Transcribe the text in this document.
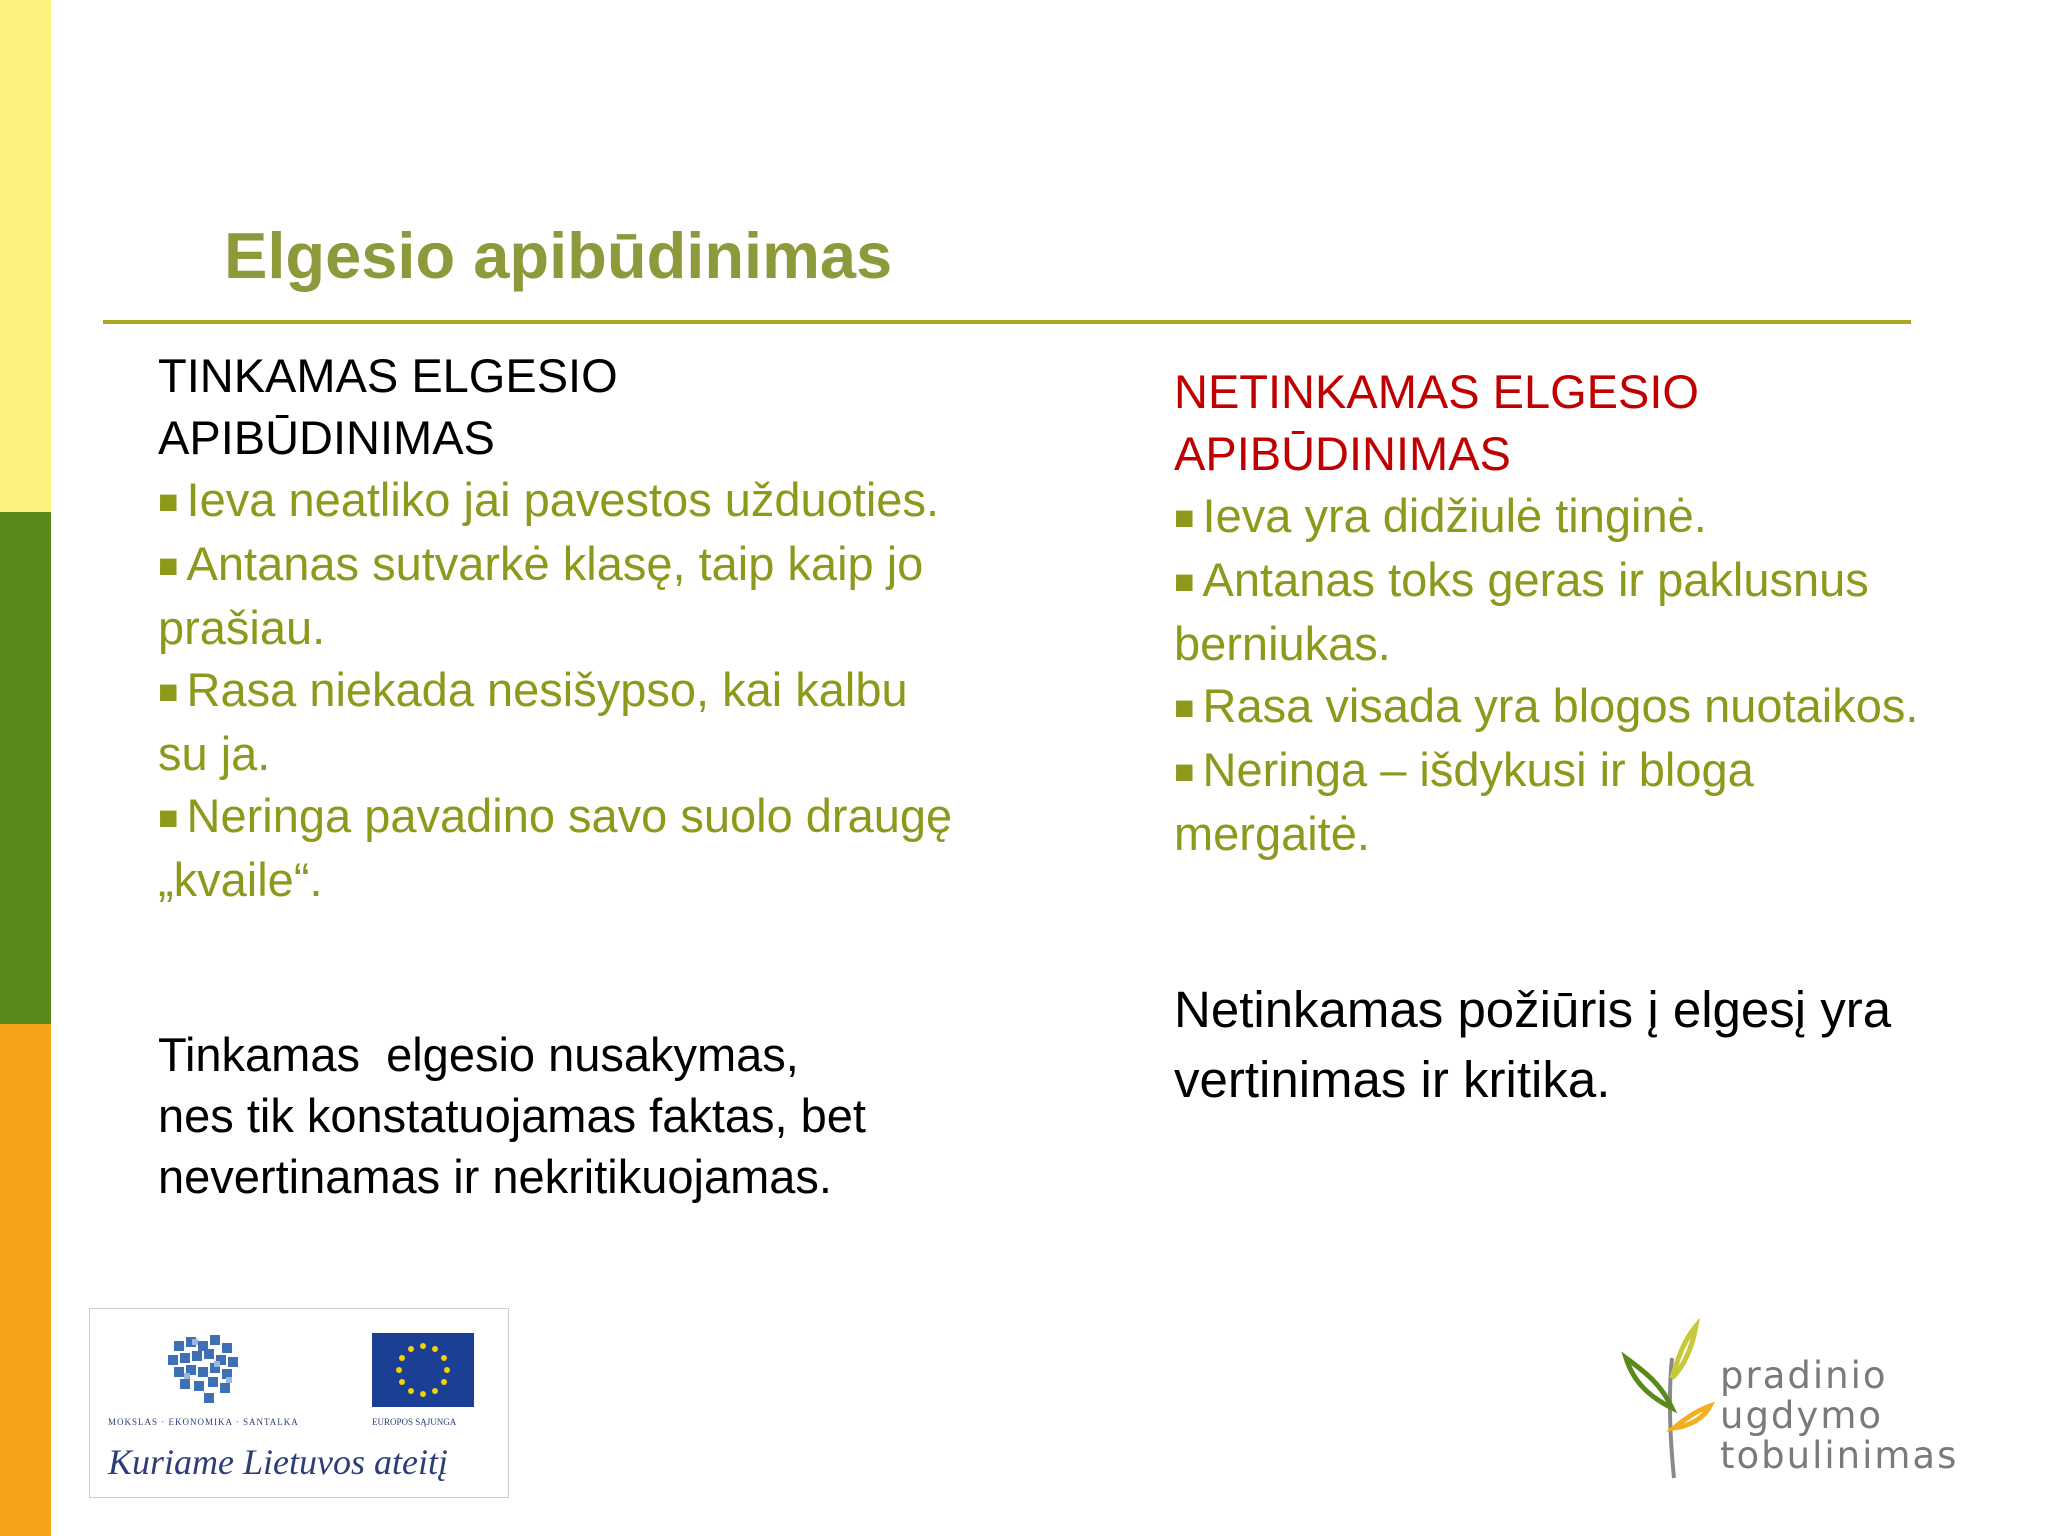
Elgesio apibūdinimas
TINKAMAS ELGESIO
APIBŪDINIMAS
■ Ieva neatliko jai pavestos užduoties.
■ Antanas sutvarkė klasę, taip kaip jo prašiau.
■ Rasa niekada nesišypso, kai kalbu su ja.
■ Neringa pavadino savo suolo draugę „kvaile“.
Tinkamas  elgesio nusakymas,
nes tik konstatuojamas faktas, bet
nevertinamas ir nekritikuojamas.
NETINKAMAS ELGESIO
APIBŪDINIMAS
■ Ieva yra didžiulė tinginė.
■ Antanas toks geras ir paklusnus berniukas.
■ Rasa visada yra blogos nuotaikos.
■ Neringa – išdykusi ir bloga mergaitė.
Netinkamas požiūris į elgesį yra vertinimas ir kritika.
MOKSLAS · EKONOMIKA · SANTALKA	EUROPOS SĄJUNGA
Kuriame Lietuvos ateitį
pradinio
ugdymo
tobulinimas
